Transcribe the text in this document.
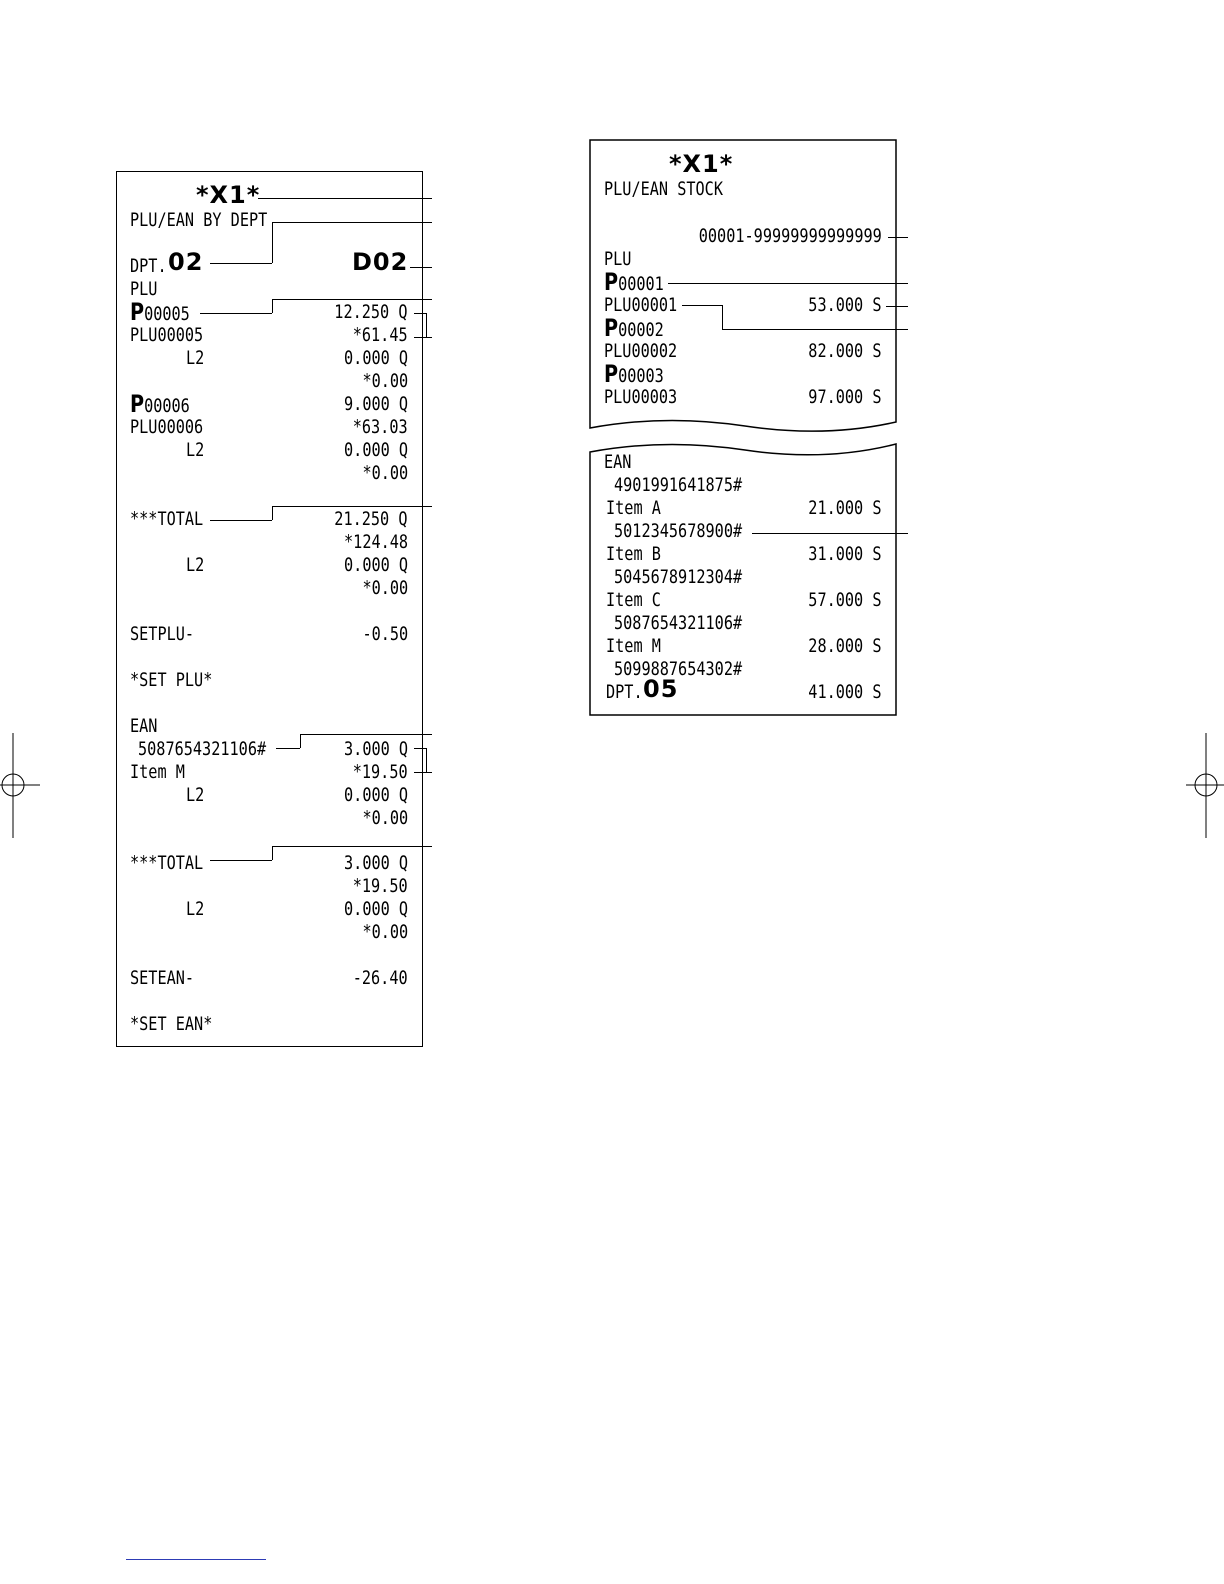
*X1*
PLU/EAN BY DEPT
DPT. 02	D02
PLU
P00005	12.250 Q
PLU00005	*61.45
L2	0.000 Q
*0.00
P00006	9.000 Q
PLU00006	*63.03
L2	0.000 Q
*0.00
***TOTAL	21.250 Q
*124.48
L2	0.000 Q
*0.00
SETPLU-	-0.50
*SET PLU*
EAN
5087654321106#	3.000 Q
Item M	*19.50
L2	0.000 Q
*0.00
***TOTAL	3.000 Q
*19.50
L2	0.000 Q
*0.00
SETEAN-	-26.40
*SET EAN*
*X1*
PLU/EAN STOCK
00001-99999999999999
PLU
P00001
PLU00001	53.000 S
P00002
PLU00002	82.000 S
P00003
PLU00003	97.000 S
EAN
4901991641875#
Item A	21.000 S
5012345678900#
Item B	31.000 S
5045678912304#
Item C	57.000 S
5087654321106#
Item M	28.000 S
5099887654302#
DPT. 05	41.000 S
